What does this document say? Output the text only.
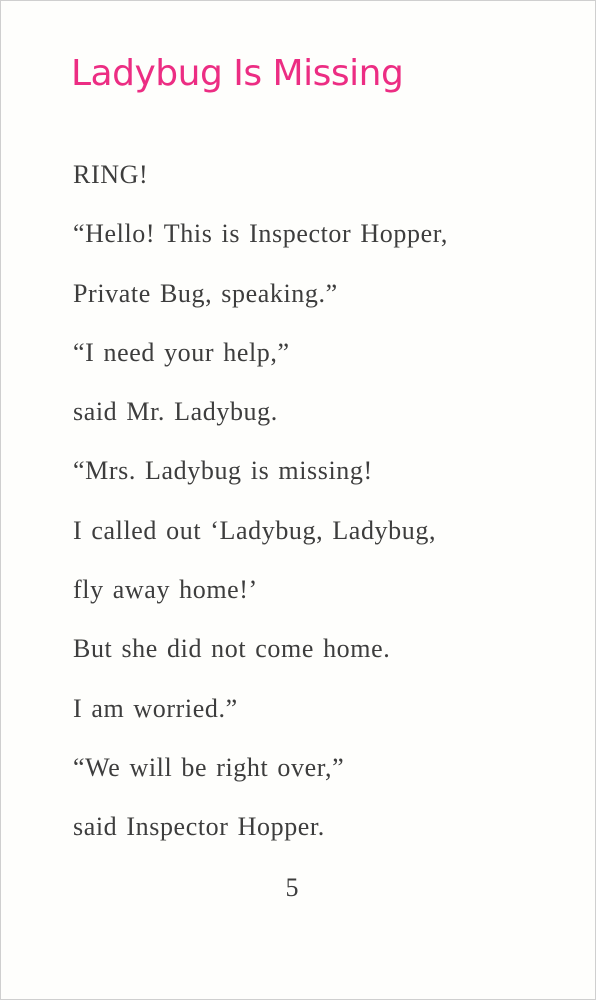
Ladybug Is Missing
RING!
“Hello! This is Inspector Hopper,
Private Bug, speaking.”
“I need your help,”
said Mr. Ladybug.
“Mrs. Ladybug is missing!
I called out ‘Ladybug, Ladybug,
fly away home!’
But she did not come home.
I am worried.”
“We will be right over,”
said Inspector Hopper.
5
